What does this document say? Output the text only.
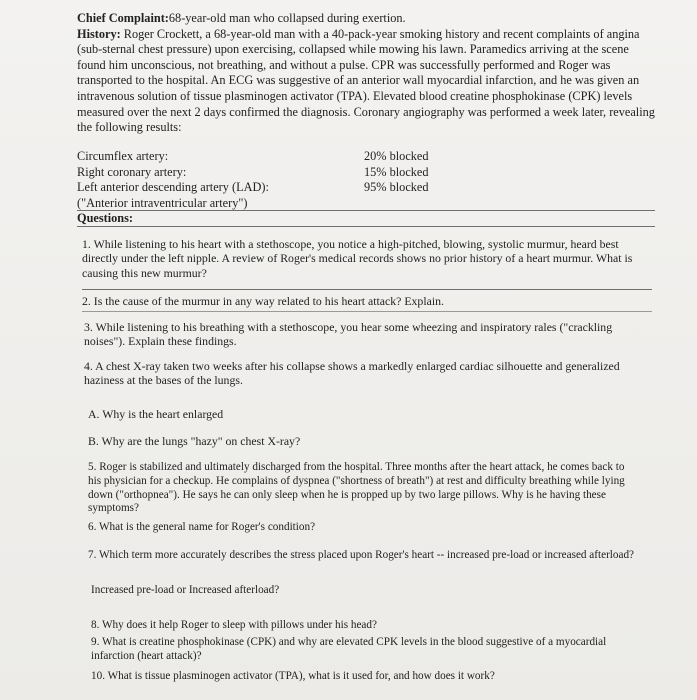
Chief Complaint:68-year-old man who collapsed during exertion.
History: Roger Crockett, a 68-year-old man with a 40-pack-year smoking history and recent complaints of angina (sub-sternal chest pressure) upon exercising, collapsed while mowing his lawn. Paramedics arriving at the scene found him unconscious, not breathing, and without a pulse. CPR was successfully performed and Roger was transported to the hospital. An ECG was suggestive of an anterior wall myocardial infarction, and he was given an intravenous solution of tissue plasminogen activator (TPA). Elevated blood creatine phosphokinase (CPK) levels measured over the next 2 days confirmed the diagnosis. Coronary angiography was performed a week later, revealing the following results:
Circumflex artery:	20% blocked
Right coronary artery:	15% blocked
Left anterior descending artery (LAD):	95% blocked
("Anterior intraventricular artery")
Questions:
1. While listening to his heart with a stethoscope, you notice a high-pitched, blowing, systolic murmur, heard best directly under the left nipple. A review of Roger's medical records shows no prior history of a heart murmur. What is causing this new murmur?
2. Is the cause of the murmur in any way related to his heart attack? Explain.
3. While listening to his breathing with a stethoscope, you hear some wheezing and inspiratory rales ("crackling noises"). Explain these findings.
4. A chest X-ray taken two weeks after his collapse shows a markedly enlarged cardiac silhouette and generalized haziness at the bases of the lungs.
A. Why is the heart enlarged
B. Why are the lungs "hazy" on chest X-ray?
5. Roger is stabilized and ultimately discharged from the hospital. Three months after the heart attack, he comes back to his physician for a checkup. He complains of dyspnea ("shortness of breath") at rest and difficulty breathing while lying down ("orthopnea"). He says he can only sleep when he is propped up by two large pillows. Why is he having these symptoms?
6. What is the general name for Roger's condition?
7. Which term more accurately describes the stress placed upon Roger's heart -- increased pre-load or increased afterload?
Increased pre-load or Increased afterload?
8. Why does it help Roger to sleep with pillows under his head?
9. What is creatine phosphokinase (CPK) and why are elevated CPK levels in the blood suggestive of a myocardial infarction (heart attack)?
10. What is tissue plasminogen activator (TPA), what is it used for, and how does it work?
